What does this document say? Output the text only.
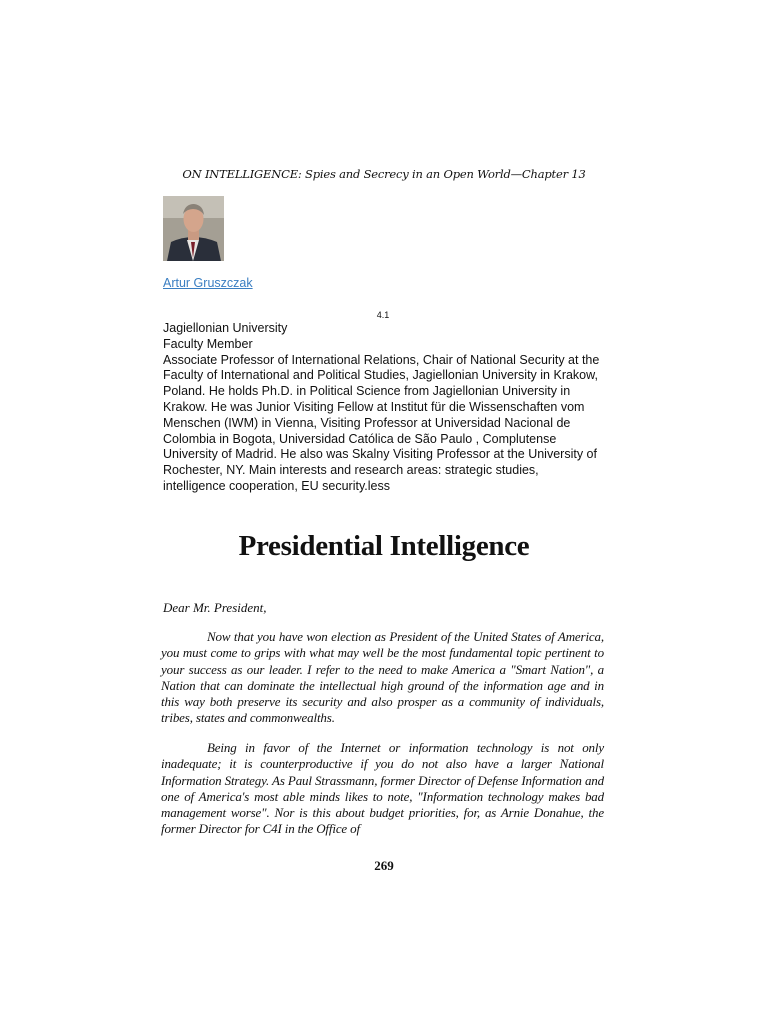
ON INTELLIGENCE: Spies and Secrecy in an Open World—Chapter 13
Artur Gruszczak
4.1
Jagiellonian University
Faculty Member
Associate Professor of International Relations, Chair of National Security at the Faculty of International and Political Studies, Jagiellonian University in Krakow, Poland. He holds Ph.D. in Political Science from Jagiellonian University in Krakow. He was Junior Visiting Fellow at Institut für die Wissenschaften vom Menschen (IWM) in Vienna, Visiting Professor at Universidad Nacional de Colombia in Bogota, Universidad Católica de São Paulo , Complutense University of Madrid. He also was Skalny Visiting Professor at the University of Rochester, NY. Main interests and research areas: strategic studies, intelligence cooperation, EU security.less
Presidential Intelligence
Dear Mr. President,
Now that you have won election as President of the United States of America, you must come to grips with what may well be the most fundamental topic pertinent to your success as our leader. I refer to the need to make America a "Smart Nation", a Nation that can dominate the intellectual high ground of the information age and in this way both preserve its security and also prosper as a community of individuals, tribes, states and commonwealths.
Being in favor of the Internet or information technology is not only inadequate; it is counterproductive if you do not also have a larger National Information Strategy. As Paul Strassmann, former Director of Defense Information and one of America's most able minds likes to note, "Information technology makes bad management worse". Nor is this about budget priorities, for, as Arnie Donahue, the former Director for C4I in the Office of
269
